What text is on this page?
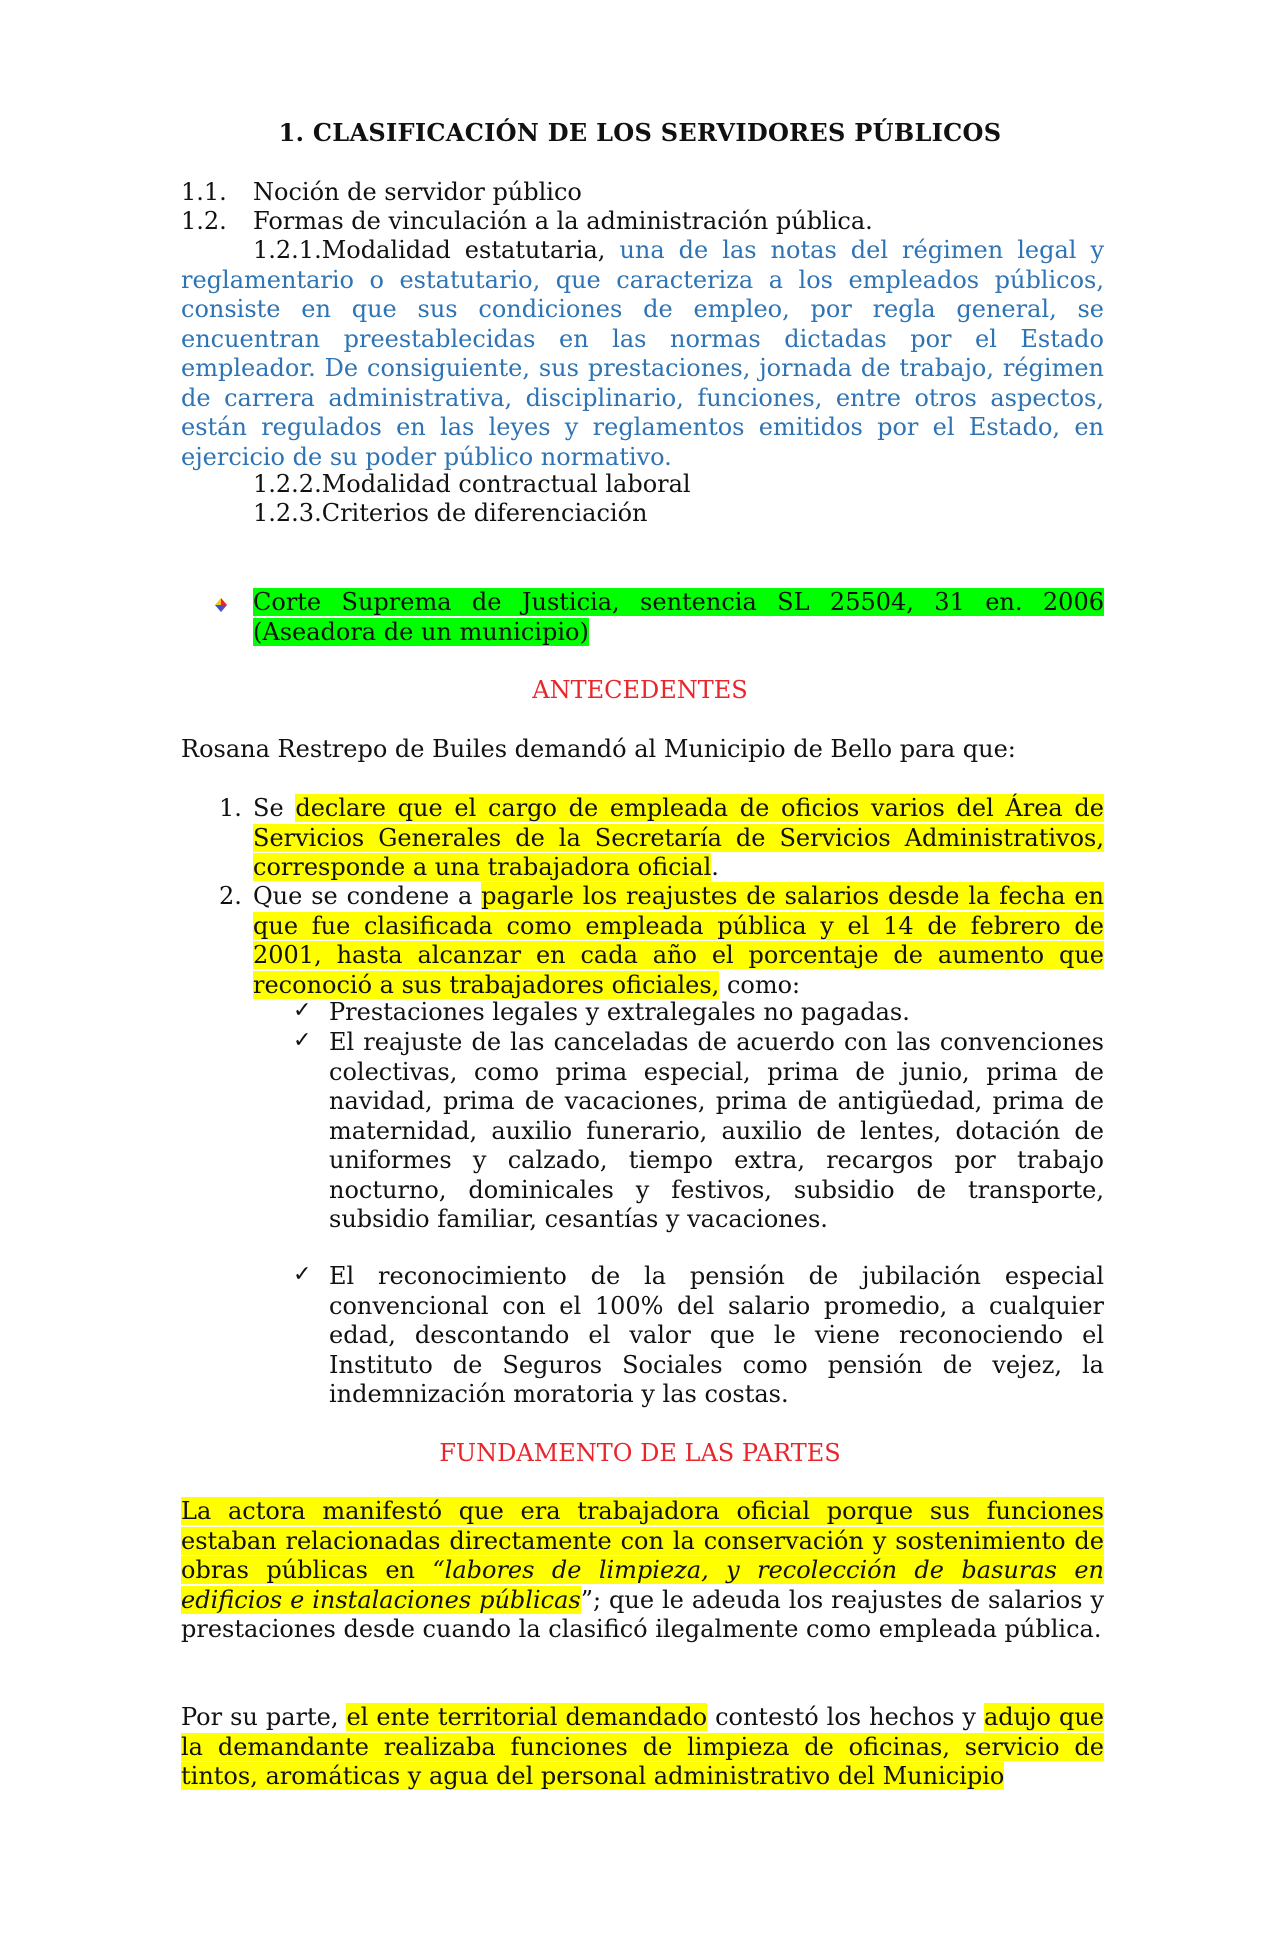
1. CLASIFICACIÓN DE LOS SERVIDORES PÚBLICOS
1.1. Noción de servidor público
1.2. Formas de vinculación a la administración pública.
1.2.1.Modalidad estatutaria, una de las notas del régimen legal y reglamentario o estatutario, que caracteriza a los empleados públicos, consiste en que sus condiciones de empleo, por regla general, se encuentran preestablecidas en las normas dictadas por el Estado empleador. De consiguiente, sus prestaciones, jornada de trabajo, régimen de carrera administrativa, disciplinario, funciones, entre otros aspectos, están regulados en las leyes y reglamentos emitidos por el Estado, en ejercicio de su poder público normativo.
1.2.2.Modalidad contractual laboral
1.2.3.Criterios de diferenciación
Corte Suprema de Justicia, sentencia SL 25504, 31 en. 2006 (Aseadora de un municipio)
ANTECEDENTES
Rosana Restrepo de Builes demandó al Municipio de Bello para que:
1. Se declare que el cargo de empleada de oficios varios del Área de Servicios Generales de la Secretaría de Servicios Administrativos, corresponde a una trabajadora oficial.
2. Que se condene a pagarle los reajustes de salarios desde la fecha en que fue clasificada como empleada pública y el 14 de febrero de 2001, hasta alcanzar en cada año el porcentaje de aumento que reconoció a sus trabajadores oficiales, como:
✓ Prestaciones legales y extralegales no pagadas.
✓ El reajuste de las canceladas de acuerdo con las convenciones colectivas, como prima especial, prima de junio, prima de navidad, prima de vacaciones, prima de antigüedad, prima de maternidad, auxilio funerario, auxilio de lentes, dotación de uniformes y calzado, tiempo extra, recargos por trabajo nocturno, dominicales y festivos, subsidio de transporte, subsidio familiar, cesantías y vacaciones.
✓ El reconocimiento de la pensión de jubilación especial convencional con el 100% del salario promedio, a cualquier edad, descontando el valor que le viene reconociendo el Instituto de Seguros Sociales como pensión de vejez, la indemnización moratoria y las costas.
FUNDAMENTO DE LAS PARTES
La actora manifestó que era trabajadora oficial porque sus funciones estaban relacionadas directamente con la conservación y sostenimiento de obras públicas en “labores de limpieza, y recolección de basuras en edificios e instalaciones públicas”; que le adeuda los reajustes de salarios y prestaciones desde cuando la clasificó ilegalmente como empleada pública.
Por su parte, el ente territorial demandado contestó los hechos y adujo que la demandante realizaba funciones de limpieza de oficinas, servicio de tintos, aromáticas y agua del personal administrativo del Municipio
